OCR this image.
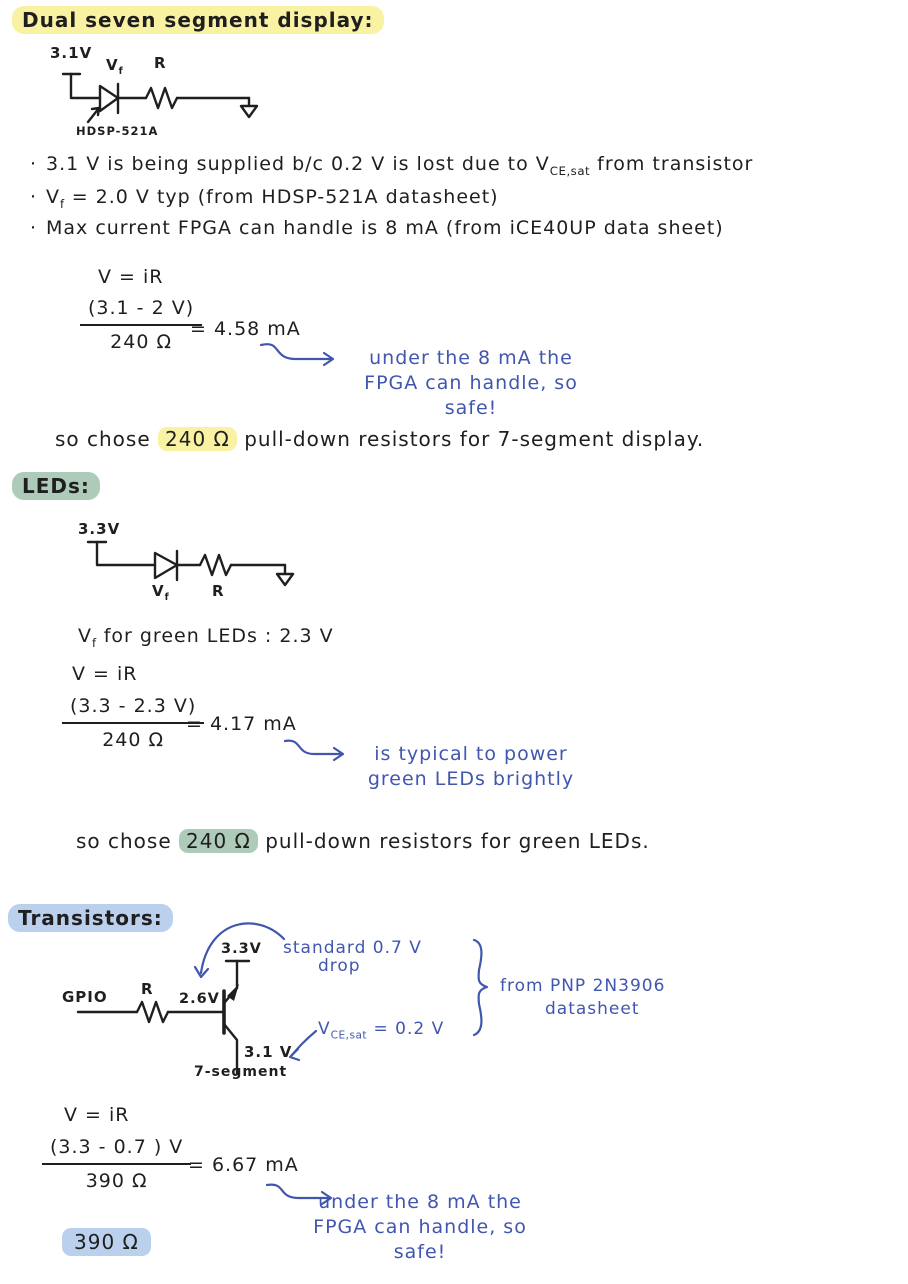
Dual seven segment display:
3.1V
$V_f$ R
HDSP-521A
· 3.1 V is being supplied b/c 0.2 V is lost due to $V_{CE,sat}$ from transistor
· $V_f = 2.0$ V typ (from HDSP-521A datasheet)
· Max current FPGA can handle is 8 mA (from iCE40UP data sheet)
V = iR
$\frac{(3.1 - 2 V)}{240 \Omega}$
= 4.58 mA
under the 8 mA the
FPGA can handle, so
safe!
so chose 240 Ω pull-down resistors for 7-segment display.
LEDs:
3.3V
$V_f$	R
$V_f$ for green LEDs : 2.3 V
V = iR
$\frac{(3.3 - 2.3 V)}{240 \Omega}$
= 4.17 mA
is typical to power
green LEDs brightly
so chose 240 Ω pull-down resistors for green LEDs.
Transistors:
GPIO R
2.6V
3.3V
3.1 V
7-segment
standard 0.7 V
drop
$V_{CE,sat} = 0.2$ V
from PNP 2N3906
datasheet
V = iR
$\frac{(3.3 - 0.7 ) V}{390 \Omega}$
= 6.67 mA
under the 8 mA the
FPGA can handle, so
safe!
390 Ω
